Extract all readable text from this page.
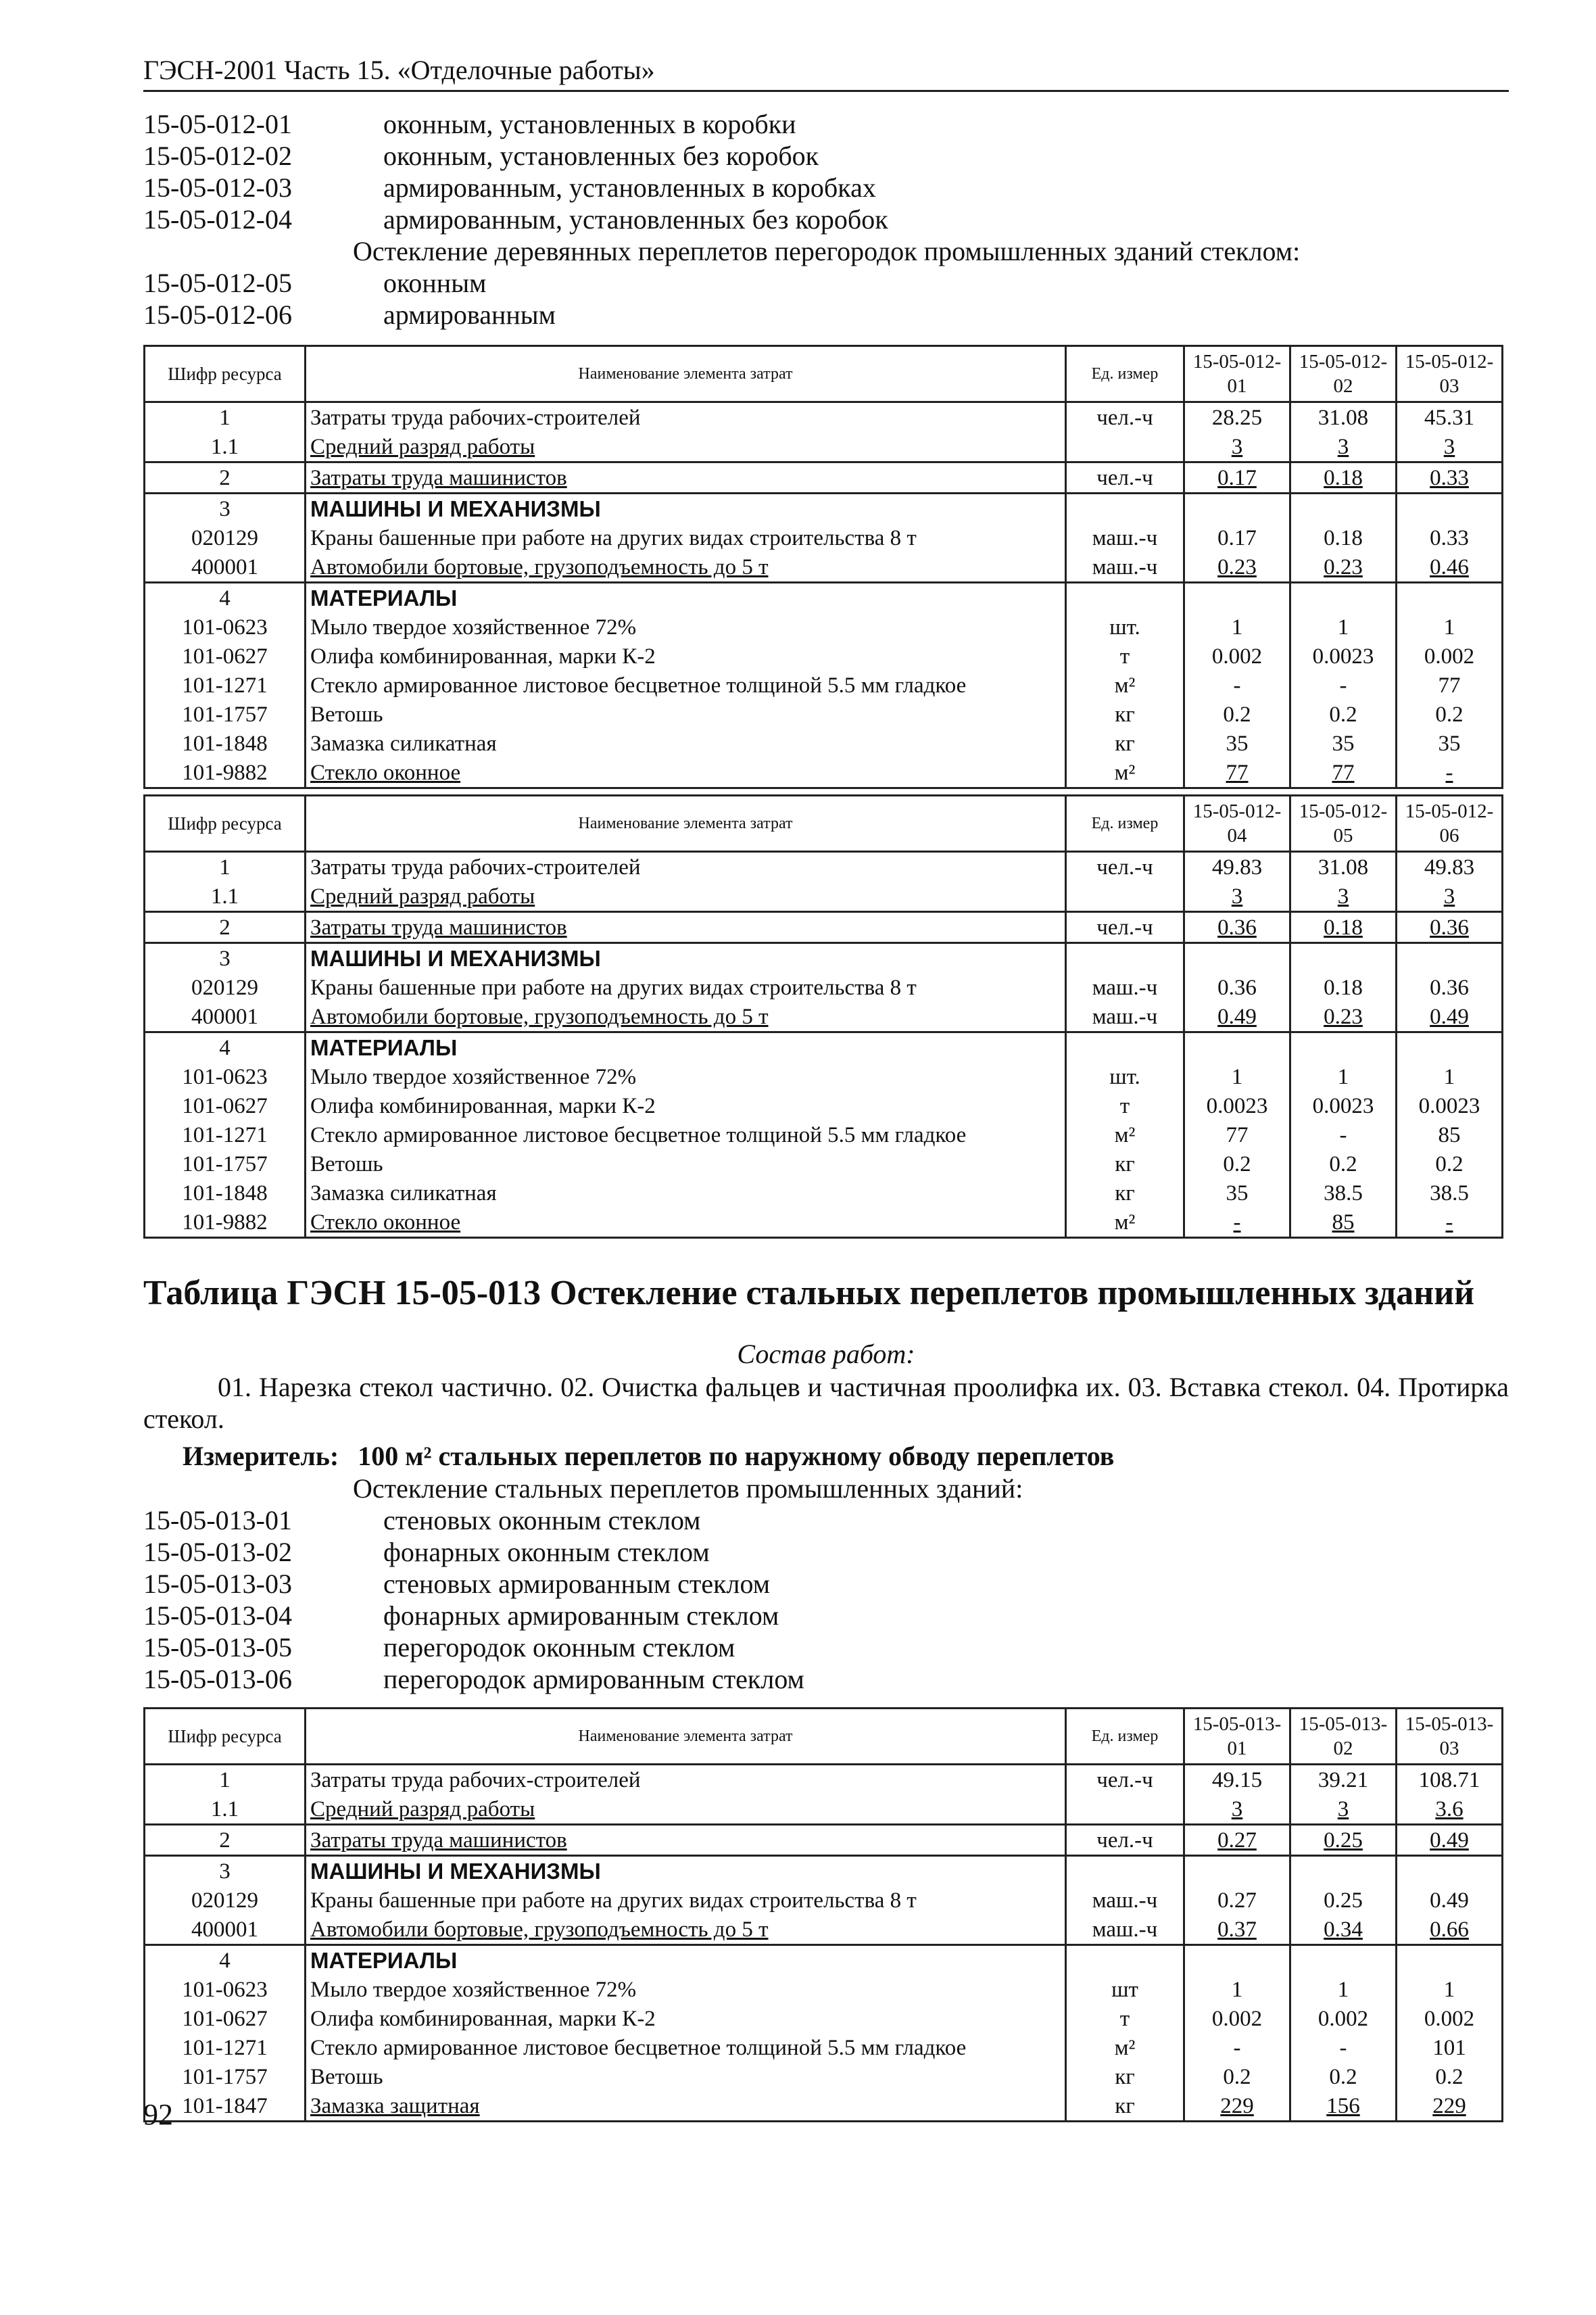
ГЭСН-2001 Часть 15. «Отделочные работы»
15-05-012-01	оконным, установленных в коробки
15-05-012-02	оконным, установленных без коробок
15-05-012-03	армированным, установленных в коробках
15-05-012-04	армированным, установленных без коробок
Остекление деревянных переплетов перегородок промышленных зданий стеклом:
15-05-012-05	оконным
15-05-012-06	армированным
Шифр ресурса	Наименование элемента затрат	Ед. измер	15-05-012-01	15-05-012-02	15-05-012-03
1	Затраты труда рабочих-строителей	чел.-ч	28.25	31.08	45.31
1.1	Средний разряд работы		3	3	3
2	Затраты труда машинистов	чел.-ч	0.17	0.18	0.33
3	МАШИНЫ И МЕХАНИЗМЫ				
020129	Краны башенные при работе на других видах строительства 8 т	маш.-ч	0.17	0.18	0.33
400001	Автомобили бортовые, грузоподъемность до 5 т	маш.-ч	0.23	0.23	0.46
4	МАТЕРИАЛЫ				
101-0623	Мыло твердое хозяйственное 72%	шт.	1	1	1
101-0627	Олифа комбинированная, марки К-2	т	0.002	0.0023	0.002
101-1271	Стекло армированное листовое бесцветное толщиной 5.5 мм гладкое	м²	-	-	77
101-1757	Ветошь	кг	0.2	0.2	0.2
101-1848	Замазка силикатная	кг	35	35	35
101-9882	Стекло оконное	м²	77	77	-
Шифр ресурса	Наименование элемента затрат	Ед. измер	15-05-012-04	15-05-012-05	15-05-012-06
1	Затраты труда рабочих-строителей	чел.-ч	49.83	31.08	49.83
1.1	Средний разряд работы		3	3	3
2	Затраты труда машинистов	чел.-ч	0.36	0.18	0.36
3	МАШИНЫ И МЕХАНИЗМЫ				
020129	Краны башенные при работе на других видах строительства 8 т	маш.-ч	0.36	0.18	0.36
400001	Автомобили бортовые, грузоподъемность до 5 т	маш.-ч	0.49	0.23	0.49
4	МАТЕРИАЛЫ				
101-0623	Мыло твердое хозяйственное 72%	шт.	1	1	1
101-0627	Олифа комбинированная, марки К-2	т	0.0023	0.0023	0.0023
101-1271	Стекло армированное листовое бесцветное толщиной 5.5 мм гладкое	м²	77	-	85
101-1757	Ветошь	кг	0.2	0.2	0.2
101-1848	Замазка силикатная	кг	35	38.5	38.5
101-9882	Стекло оконное	м²	-	85	-
Таблица ГЭСН 15-05-013 Остекление стальных переплетов промышленных зданий
Состав работ:
01. Нарезка стекол частично. 02. Очистка фальцев и частичная проолифка их. 03. Вставка стекол. 04. Протирка стекол.
Измеритель: 100 м² стальных переплетов по наружному обводу переплетов
Остекление стальных переплетов промышленных зданий:
15-05-013-01	стеновых оконным стеклом
15-05-013-02	фонарных оконным стеклом
15-05-013-03	стеновых армированным стеклом
15-05-013-04	фонарных армированным стеклом
15-05-013-05	перегородок оконным стеклом
15-05-013-06	перегородок армированным стеклом
Шифр ресурса	Наименование элемента затрат	Ед. измер	15-05-013-01	15-05-013-02	15-05-013-03
1	Затраты труда рабочих-строителей	чел.-ч	49.15	39.21	108.71
1.1	Средний разряд работы		3	3	3.6
2	Затраты труда машинистов	чел.-ч	0.27	0.25	0.49
3	МАШИНЫ И МЕХАНИЗМЫ				
020129	Краны башенные при работе на других видах строительства 8 т	маш.-ч	0.27	0.25	0.49
400001	Автомобили бортовые, грузоподъемность до 5 т	маш.-ч	0.37	0.34	0.66
4	МАТЕРИАЛЫ				
101-0623	Мыло твердое хозяйственное 72%	шт	1	1	1
101-0627	Олифа комбинированная, марки К-2	т	0.002	0.002	0.002
101-1271	Стекло армированное листовое бесцветное толщиной 5.5 мм гладкое	м²	-	-	101
101-1757	Ветошь	кг	0.2	0.2	0.2
101-1847	Замазка защитная	кг	229	156	229
92
